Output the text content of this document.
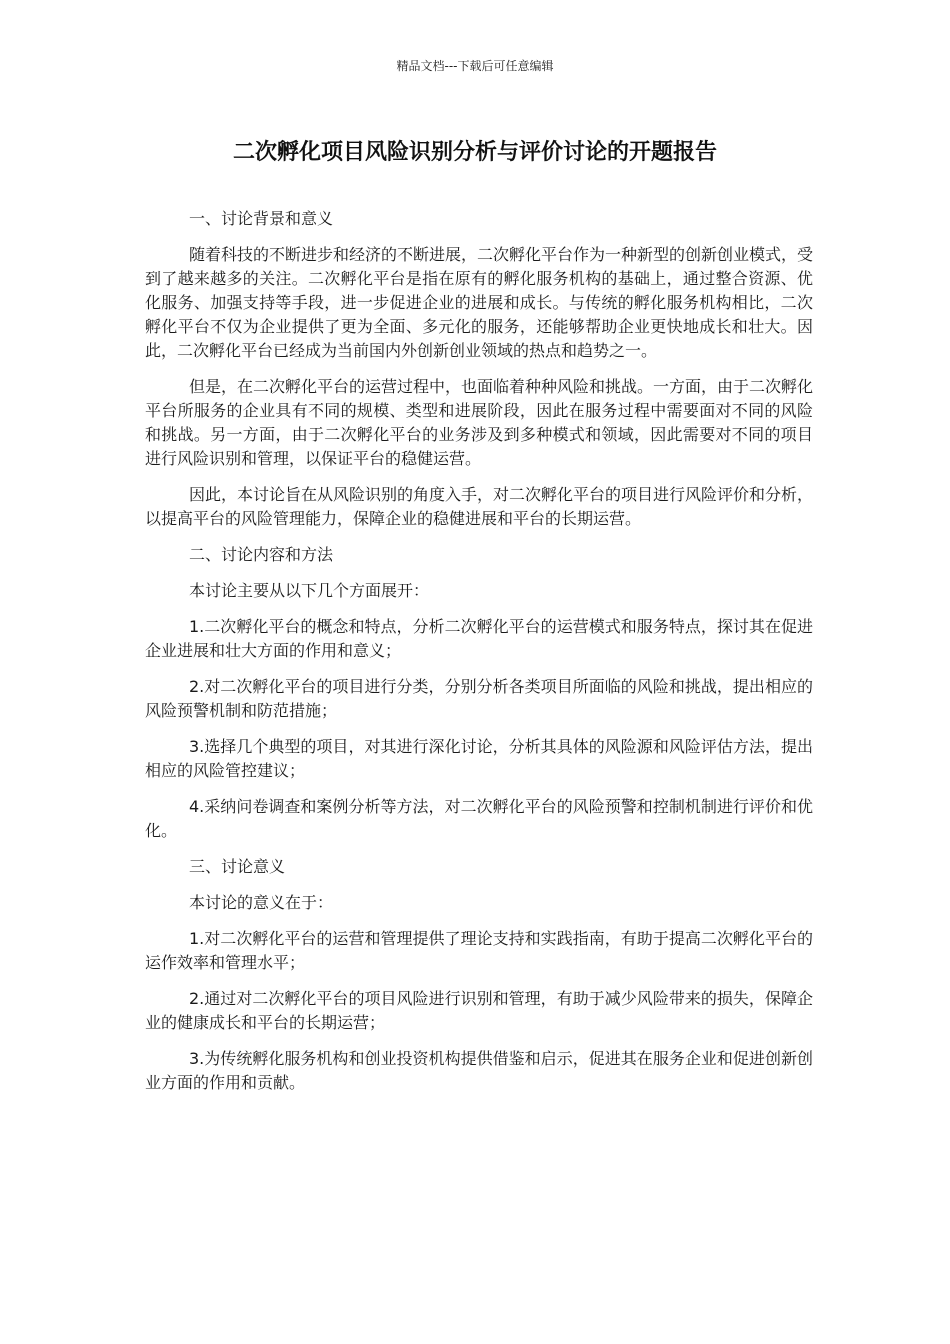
精品文档---下载后可任意编辑
二次孵化项目风险识别分析与评价讨论的开题报告

一、讨论背景和意义

随着科技的不断进步和经济的不断进展，二次孵化平台作为一种新型的创新创业模式，受到了越来越多的关注。二次孵化平台是指在原有的孵化服务机构的基础上，通过整合资源、优化服务、加强支持等手段，进一步促进企业的进展和成长。与传统的孵化服务机构相比，二次孵化平台不仅为企业提供了更为全面、多元化的服务，还能够帮助企业更快地成长和壮大。因此，二次孵化平台已经成为当前国内外创新创业领域的热点和趋势之一。

但是，在二次孵化平台的运营过程中，也面临着种种风险和挑战。一方面，由于二次孵化平台所服务的企业具有不同的规模、类型和进展阶段，因此在服务过程中需要面对不同的风险和挑战。另一方面，由于二次孵化平台的业务涉及到多种模式和领域，因此需要对不同的项目进行风险识别和管理，以保证平台的稳健运营。

因此，本讨论旨在从风险识别的角度入手，对二次孵化平台的项目进行风险评价和分析，以提高平台的风险管理能力，保障企业的稳健进展和平台的长期运营。

二、讨论内容和方法

本讨论主要从以下几个方面展开：

1.二次孵化平台的概念和特点，分析二次孵化平台的运营模式和服务特点，探讨其在促进企业进展和壮大方面的作用和意义；

2.对二次孵化平台的项目进行分类，分别分析各类项目所面临的风险和挑战，提出相应的风险预警机制和防范措施；

3.选择几个典型的项目，对其进行深化讨论，分析其具体的风险源和风险评估方法，提出相应的风险管控建议；

4.采纳问卷调查和案例分析等方法，对二次孵化平台的风险预警和控制机制进行评价和优化。

三、讨论意义

本讨论的意义在于：

1.对二次孵化平台的运营和管理提供了理论支持和实践指南，有助于提高二次孵化平台的运作效率和管理水平；

2.通过对二次孵化平台的项目风险进行识别和管理，有助于减少风险带来的损失，保障企业的健康成长和平台的长期运营；

3.为传统孵化服务机构和创业投资机构提供借鉴和启示，促进其在服务企业和促进创新创业方面的作用和贡献。
